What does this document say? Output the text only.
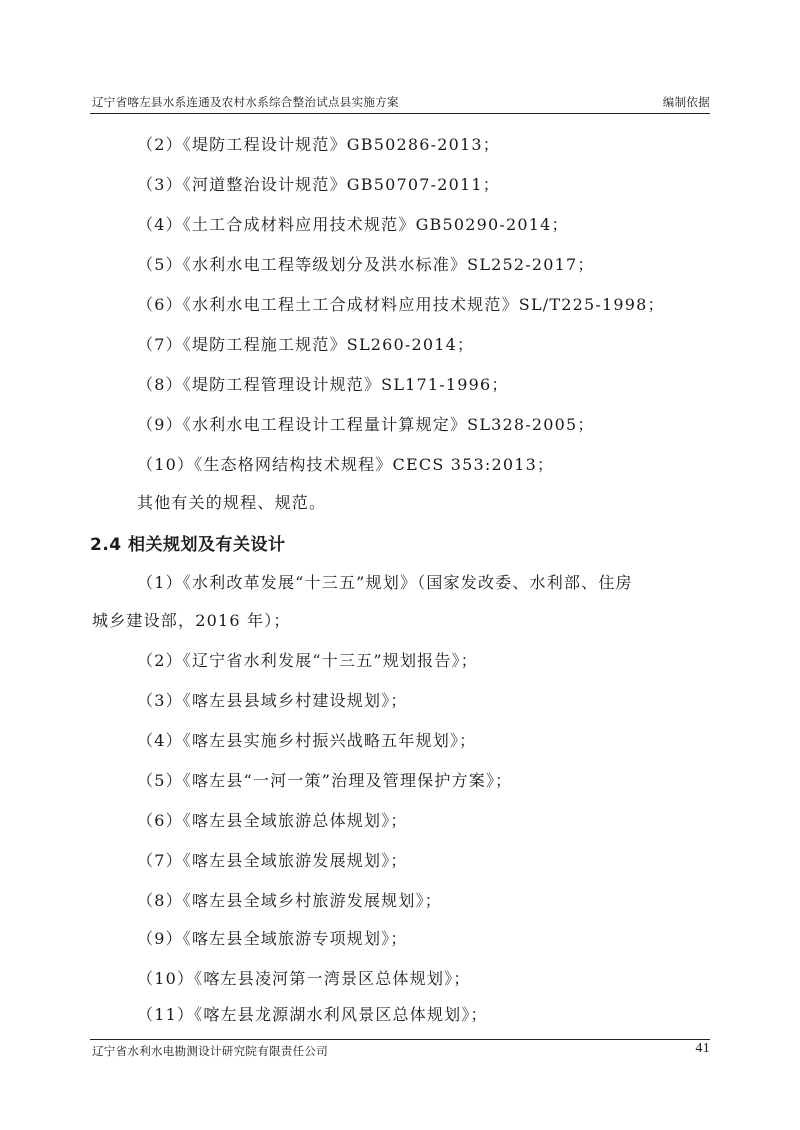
辽宁省喀左县水系连通及农村水系综合整治试点县实施方案	编制依据
（2）《堤防工程设计规范》GB50286-2013；
（3）《河道整治设计规范》GB50707-2011；
（4）《土工合成材料应用技术规范》GB50290-2014；
（5）《水利水电工程等级划分及洪水标准》SL252-2017；
（6）《水利水电工程土工合成材料应用技术规范》SL/T225-1998；
（7）《堤防工程施工规范》SL260-2014；
（8）《堤防工程管理设计规范》SL171-1996；
（9）《水利水电工程设计工程量计算规定》SL328-2005；
（10）《生态格网结构技术规程》CECS 353:2013；
其他有关的规程、规范。
2.4 相关规划及有关设计
（1）《水利改革发展“十三五”规划》（国家发改委、水利部、住房
城乡建设部，2016 年）；
（2）《辽宁省水利发展“十三五”规划报告》；
（3）《喀左县县域乡村建设规划》；
（4）《喀左县实施乡村振兴战略五年规划》；
（5）《喀左县“一河一策”治理及管理保护方案》；
（6）《喀左县全域旅游总体规划》；
（7）《喀左县全域旅游发展规划》；
（8）《喀左县全域乡村旅游发展规划》；
（9）《喀左县全域旅游专项规划》；
（10）《喀左县凌河第一湾景区总体规划》；
（11）《喀左县龙源湖水利风景区总体规划》；
辽宁省水利水电勘测设计研究院有限责任公司	41
